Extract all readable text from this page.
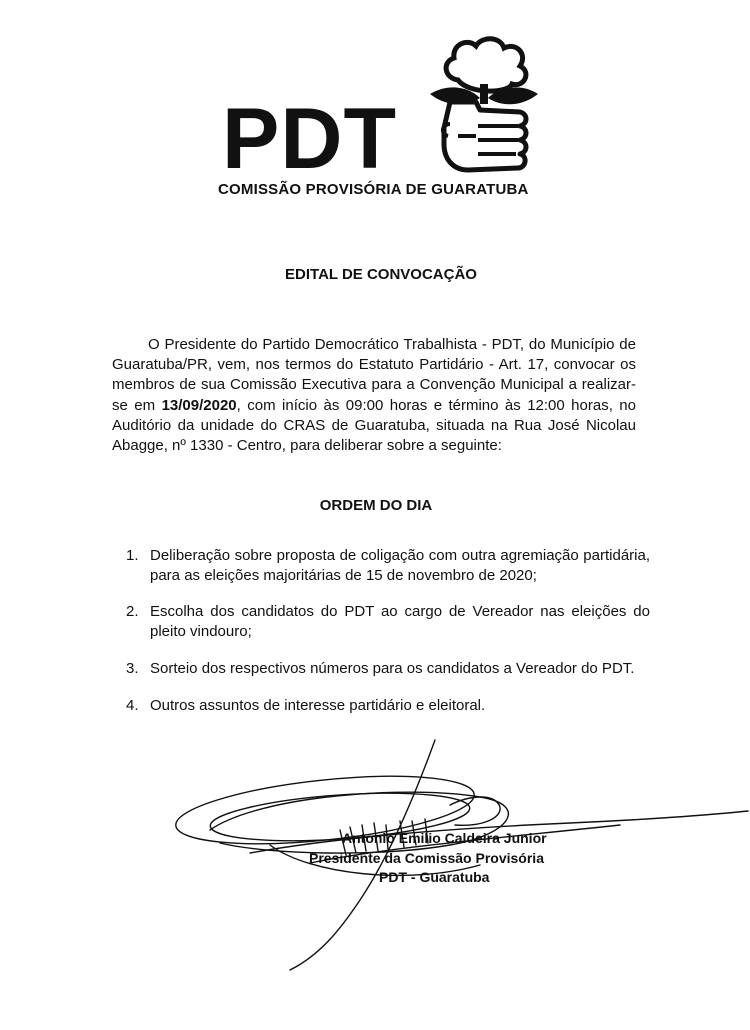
PDT
COMISSÃO PROVISÓRIA DE GUARATUBA
EDITAL DE CONVOCAÇÃO
O Presidente do Partido Democrático Trabalhista - PDT, do Município de Guaratuba/PR, vem, nos termos do Estatuto Partidário - Art. 17, convocar os membros de sua Comissão Executiva para a Convenção Municipal a realizar-se em 13/09/2020, com início às 09:00 horas e término às 12:00 horas, no Auditório da unidade do CRAS de Guaratuba, situada na Rua José Nicolau Abagge, nº 1330 - Centro, para deliberar sobre a seguinte:
ORDEM DO DIA
1. Deliberação sobre proposta de coligação com outra agremiação partidária, para as eleições majoritárias de 15 de novembro de 2020;
2. Escolha dos candidatos do PDT ao cargo de Vereador nas eleições do pleito vindouro;
3. Sorteio dos respectivos números para os candidatos a Vereador do PDT.
4. Outros assuntos de interesse partidário e eleitoral.
Antonio Emilio Caldeira Junior
Presidente da Comissão Provisória
PDT - Guaratuba
